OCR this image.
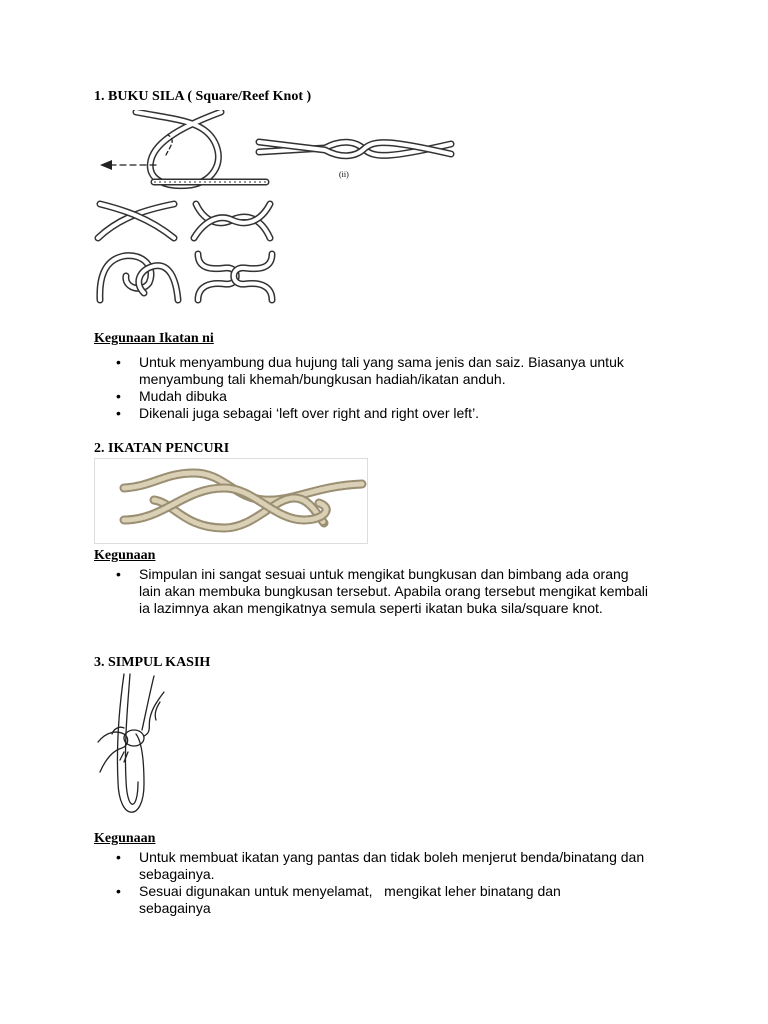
1. BUKU SILA ( Square/Reef Knot )
(ii)
Kegunaan Ikatan ni
• Untuk menyambung dua hujung tali yang sama jenis dan saiz. Biasanya untuk menyambung tali khemah/bungkusan hadiah/ikatan anduh.
• Mudah dibuka
• Dikenali juga sebagai ‘left over right and right over left’.
2. IKATAN PENCURI
Kegunaan
• Simpulan ini sangat sesuai untuk mengikat bungkusan dan bimbang ada orang lain akan membuka bungkusan tersebut. Apabila orang tersebut mengikat kembali ia lazimnya akan mengikatnya semula seperti ikatan buka sila/square knot.
3. SIMPUL KASIH
Kegunaan
• Untuk membuat ikatan yang pantas dan tidak boleh menjerut benda/binatang dan sebagainya.
• Sesuai digunakan untuk menyelamat,   mengikat leher binatang dan sebagainya
